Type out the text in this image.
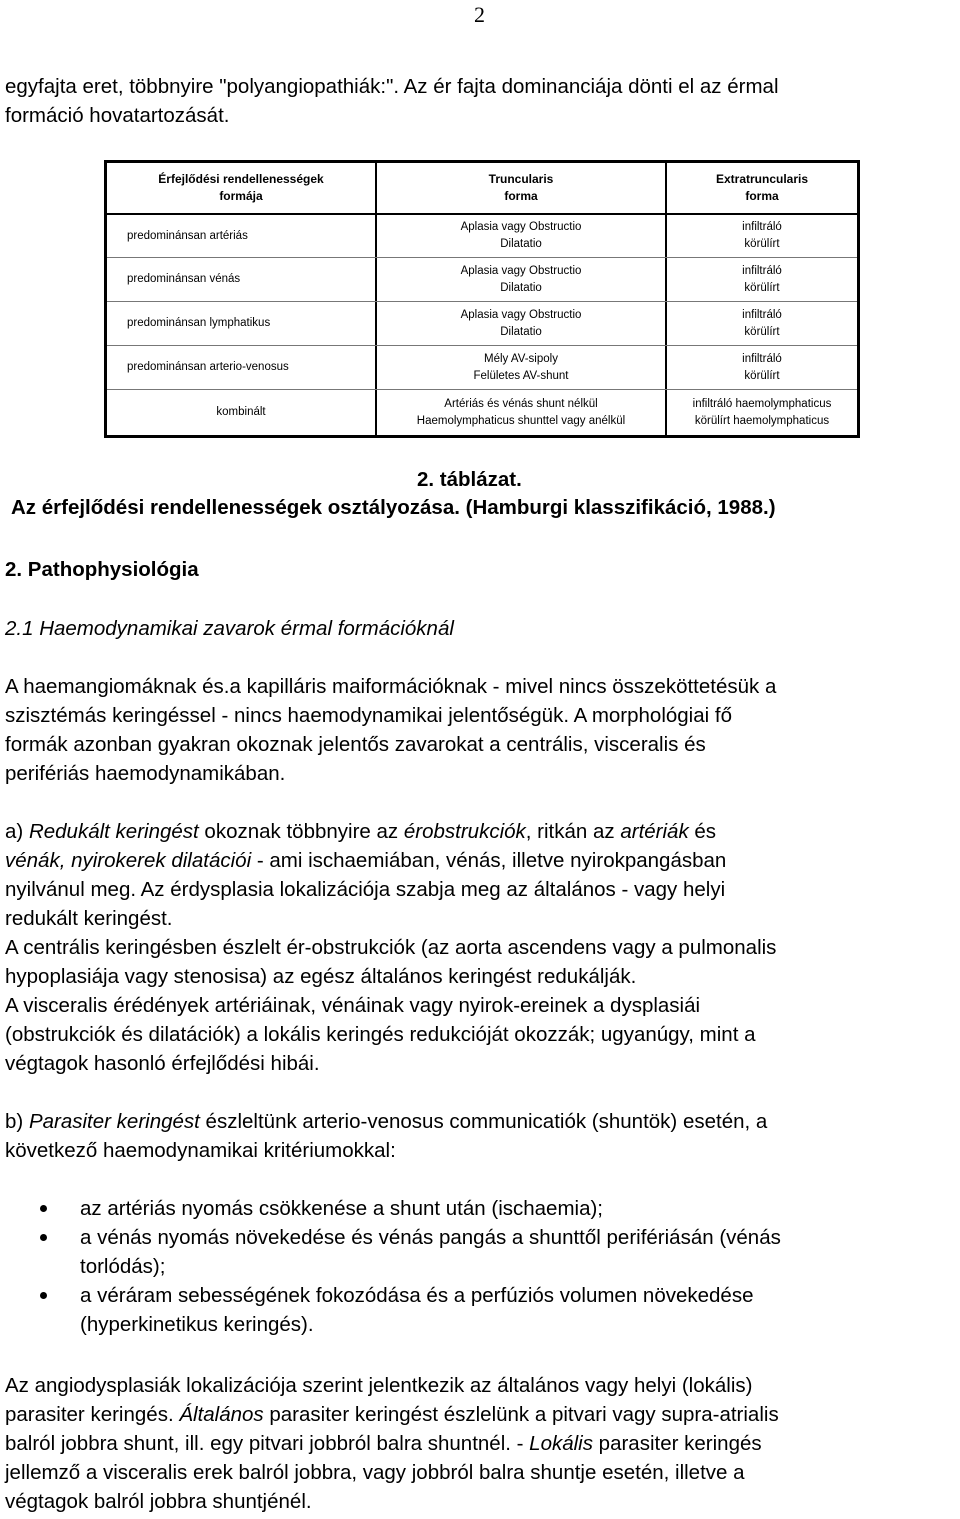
2

egyfajta eret, többnyire "polyangiopathiák:". Az ér fajta dominanciája dönti el az érmal
formáció hovatartozását.

Érfejlődési rendellenességek
formája
Truncularis
forma
Extratruncularis
forma
predominánsan artériás
Aplasia vagy Obstructio
Dilatatio
infiltráló
körülírt
predominánsan vénás
Aplasia vagy Obstructio
Dilatatio
infiltráló
körülírt
predominánsan lymphatikus
Aplasia vagy Obstructio
Dilatatio
infiltráló
körülírt
predominánsan arterio-venosus
Mély AV-sipoly
Felületes AV-shunt
infiltráló
körülírt
kombinált
Artériás és vénás shunt nélkül
Haemolymphaticus shunttel vagy anélkül
infiltráló haemolymphaticus
körülírt haemolymphaticus
2. táblázat.
Az érfejlődési rendellenességek osztályozása. (Hamburgi klasszifikáció, 1988.)
2. Pathophysiológia
2.1 Haemodynamikai zavarok érmal formációknál

A haemangiomáknak és.a kapilláris maiformációknak - mivel nincs összeköttetésük a
szisztémás keringéssel - nincs haemodynamikai jelentőségük. A morphológiai fő
formák azonban gyakran okoznak jelentős zavarokat a centrális, visceralis és
perifériás haemodynamikában.

a) Redukált keringést okoznak többnyire az érobstrukciók, ritkán az artériák és
vénák, nyirokerek dilatációi - ami ischaemiában, vénás, illetve nyirokpangásban
nyilvánul meg. Az érdysplasia lokalizációja szabja meg az általános - vagy helyi
redukált keringést.
A centrális keringésben észlelt ér-obstrukciók (az aorta ascendens vagy a pulmonalis
hypoplasiája vagy stenosisa) az egész általános keringést redukálják.
A visceralis érédények artériáinak, vénáinak vagy nyirok-ereinek a dysplasiái
(obstrukciók és dilatációk) a lokális keringés redukcióját okozzák; ugyanúgy, mint a
végtagok hasonló érfejlődési hibái.

b) Parasiter keringést észleltünk arterio-venosus communicatiók (shuntök) esetén, a
következő haemodynamikai kritériumokkal:

az artériás nyomás csökkenése a shunt után (ischaemia);
a vénás nyomás növekedése és vénás pangás a shunttől perifériásán (vénás
torlódás);
a véráram sebességének fokozódása és a perfúziós volumen növekedése
(hyperkinetikus keringés).

Az angiodysplasiák lokalizációja szerint jelentkezik az általános vagy helyi (lokális)
parasiter keringés. Általános parasiter keringést észlelünk a pitvari vagy supra-atrialis
balról jobbra shunt, ill. egy pitvari jobbról balra shuntnél. - Lokális parasiter keringés
jellemző a visceralis erek balról jobbra, vagy jobbról balra shuntje esetén, illetve a
végtagok balról jobbra shuntjénél.
